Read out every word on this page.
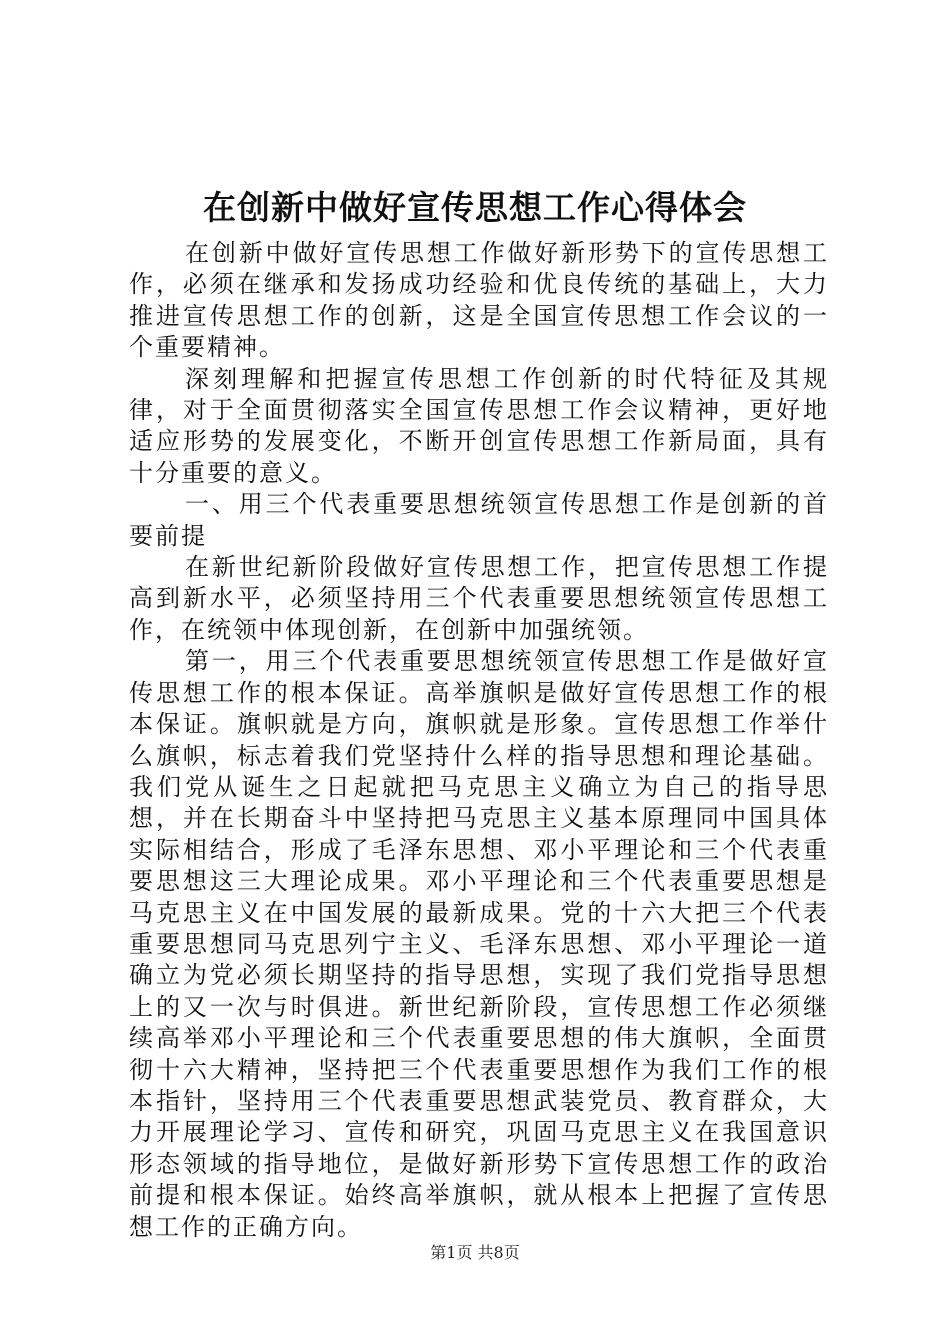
在创新中做好宣传思想工作心得体会

在创新中做好宣传思想工作做好新形势下的宣传思想工作，必须在继承和发扬成功经验和优良传统的基础上，大力推进宣传思想工作的创新，这是全国宣传思想工作会议的一个重要精神。

深刻理解和把握宣传思想工作创新的时代特征及其规律，对于全面贯彻落实全国宣传思想工作会议精神，更好地适应形势的发展变化，不断开创宣传思想工作新局面，具有十分重要的意义。

一、用三个代表重要思想统领宣传思想工作是创新的首要前提

在新世纪新阶段做好宣传思想工作，把宣传思想工作提高到新水平，必须坚持用三个代表重要思想统领宣传思想工作，在统领中体现创新，在创新中加强统领。

第一，用三个代表重要思想统领宣传思想工作是做好宣传思想工作的根本保证。高举旗帜是做好宣传思想工作的根本保证。旗帜就是方向，旗帜就是形象。宣传思想工作举什么旗帜，标志着我们党坚持什么样的指导思想和理论基础。我们党从诞生之日起就把马克思主义确立为自己的指导思想，并在长期奋斗中坚持把马克思主义基本原理同中国具体实际相结合，形成了毛泽东思想、邓小平理论和三个代表重要思想这三大理论成果。邓小平理论和三个代表重要思想是马克思主义在中国发展的最新成果。党的十六大把三个代表重要思想同马克思列宁主义、毛泽东思想、邓小平理论一道确立为党必须长期坚持的指导思想，实现了我们党指导思想上的又一次与时俱进。新世纪新阶段，宣传思想工作必须继续高举邓小平理论和三个代表重要思想的伟大旗帜，全面贯彻十六大精神，坚持把三个代表重要思想作为我们工作的根本指针，坚持用三个代表重要思想武装党员、教育群众，大力开展理论学习、宣传和研究，巩固马克思主义在我国意识形态领域的指导地位，是做好新形势下宣传思想工作的政治前提和根本保证。始终高举旗帜，就从根本上把握了宣传思想工作的正确方向。

第1页 共8页
